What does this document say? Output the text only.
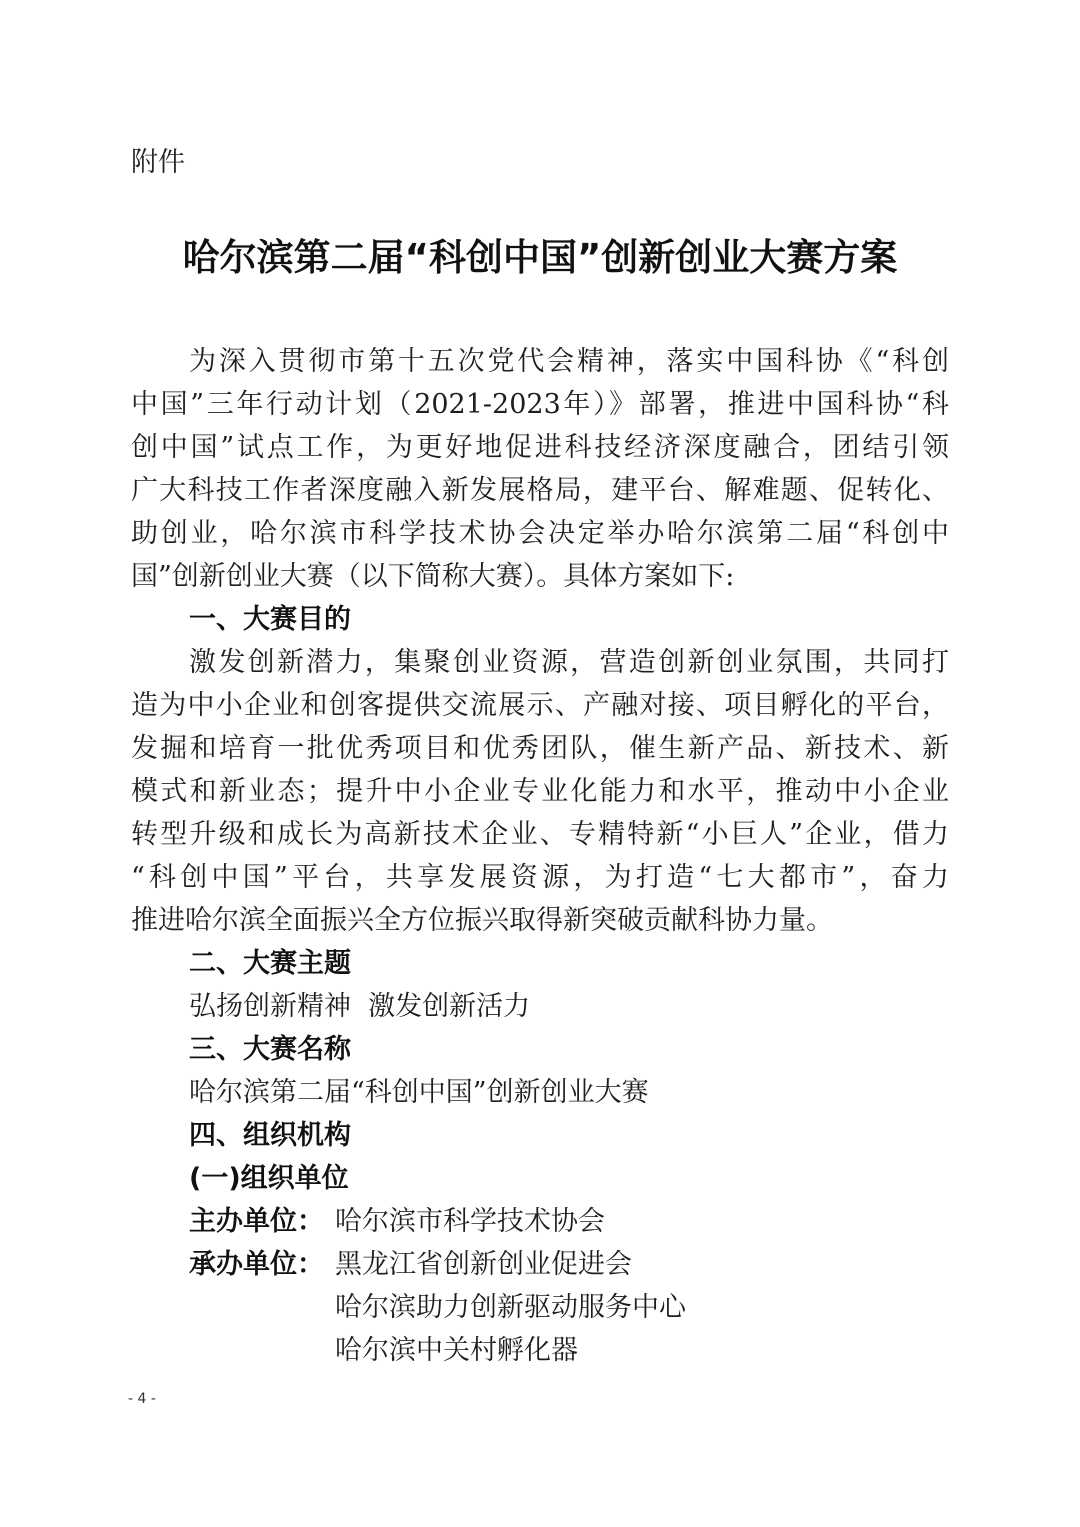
附件
哈尔滨第二届“科创中国”创新创业大赛方案
为深入贯彻市第十五次党代会精神，落实中国科协《“科创
中国”三年行动计划（2021-2023年）》部署，推进中国科协“科
创中国”试点工作，为更好地促进科技经济深度融合，团结引领
广大科技工作者深度融入新发展格局，建平台、解难题、促转化、
助创业，哈尔滨市科学技术协会决定举办哈尔滨第二届“科创中
国”创新创业大赛（以下简称大赛）。具体方案如下:
一、大赛目的
激发创新潜力，集聚创业资源，营造创新创业氛围，共同打
造为中小企业和创客提供交流展示、产融对接、项目孵化的平台，
发掘和培育一批优秀项目和优秀团队，催生新产品、新技术、新
模式和新业态；提升中小企业专业化能力和水平，推动中小企业
转型升级和成长为高新技术企业、专精特新“小巨人”企业，借力
“科创中国”平台，共享发展资源，为打造“七大都市”，奋力
推进哈尔滨全面振兴全方位振兴取得新突破贡献科协力量。
二、大赛主题
弘扬创新精神  激发创新活力
三、大赛名称
哈尔滨第二届“科创中国”创新创业大赛
四、组织机构
(一)组织单位
主办单位： 哈尔滨市科学技术协会
承办单位： 黑龙江省创新创业促进会
哈尔滨助力创新驱动服务中心
哈尔滨中关村孵化器
- 4 -
